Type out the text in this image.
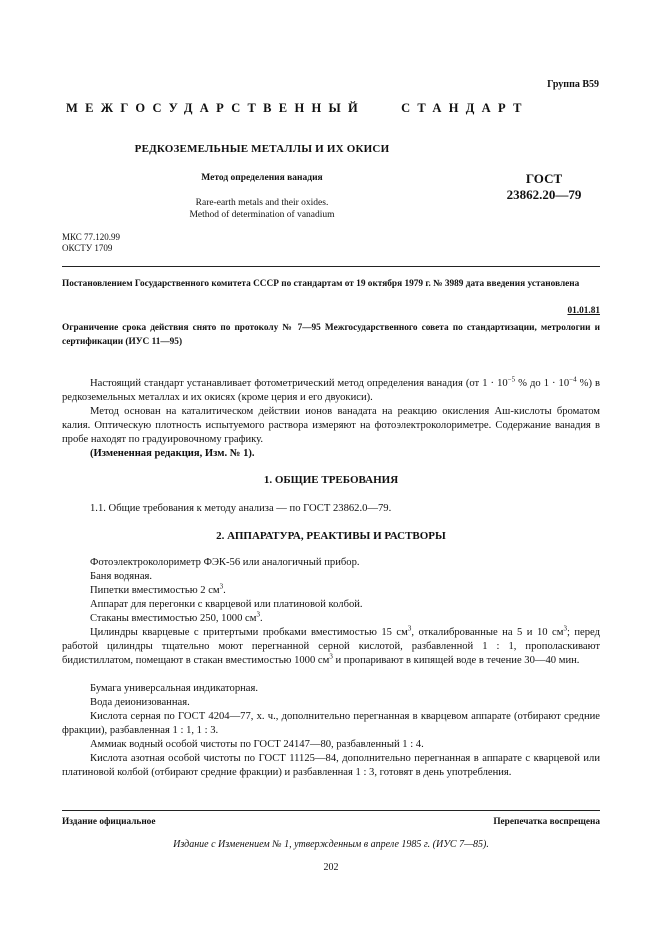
Группа В59
МЕЖГОСУДАРСТВЕННЫЙ	СТАНДАРТ
РЕДКОЗЕМЕЛЬНЫЕ МЕТАЛЛЫ И ИХ ОКИСИ
Метод определения ванадия
Rare-earth metals and their oxides.
Method of determination of vanadium
ГОСТ
23862.20—79
МКС 77.120.99
ОКСТУ 1709
Постановлением Государственного комитета СССР по стандартам от 19 октября 1979 г. № 3989 дата введения установлена
01.01.81
Ограничение срока действия снято по протоколу № 7—95 Межгосударственного совета по стандартизации, метрологии и сертификации (ИУС 11—95)
Настоящий стандарт устанавливает фотометрический метод определения ванадия (от $1 \cdot 10^{-5}$ % до $1 \cdot 10^{-4}$ %) в редкоземельных металлах и их окисях (кроме церия и его двуокиси).
Метод основан на каталитическом действии ионов ванадата на реакцию окисления Аш-кислоты броматом калия. Оптическую плотность испытуемого раствора измеряют на фотоэлектроколориметре. Содержание ванадия в пробе находят по градуировочному графику.
(Измененная редакция, Изм. № 1).
1. ОБЩИЕ ТРЕБОВАНИЯ
1.1. Общие требования к методу анализа — по ГОСТ 23862.0—79.
2. АППАРАТУРА, РЕАКТИВЫ И РАСТВОРЫ
Фотоэлектроколориметр ФЭК-56 или аналогичный прибор.
Баня водяная.
Пипетки вместимостью 2 $см^3$.
Аппарат для перегонки с кварцевой или платиновой колбой.
Стаканы вместимостью 250, 1000 $см^3$.
Цилиндры кварцевые с притертыми пробками вместимостью 15 $см^3$, откалиброванные на 5 и 10 $см^3$; перед работой цилиндры тщательно моют перегнанной серной кислотой, разбавленной 1 : 1, прополаскивают бидистиллатом, помещают в стакан вместимостью 1000 $см^3$ и пропаривают в кипящей воде в течение 30—40 мин.
Бумага универсальная индикаторная.
Вода деионизованная.
Кислота серная по ГОСТ 4204—77, х. ч., дополнительно перегнанная в кварцевом аппарате (отбирают средние фракции), разбавленная 1 : 1, 1 : 3.
Аммиак водный особой чистоты по ГОСТ 24147—80, разбавленный 1 : 4.
Кислота азотная особой чистоты по ГОСТ 11125—84, дополнительно перегнанная в аппарате с кварцевой или платиновой колбой (отбирают средние фракции) и разбавленная 1 : 3, готовят в день употребления.
Издание официальное	Перепечатка воспрещена
Издание с Изменением № 1, утвержденным в апреле 1985 г. (ИУС 7—85).
202
